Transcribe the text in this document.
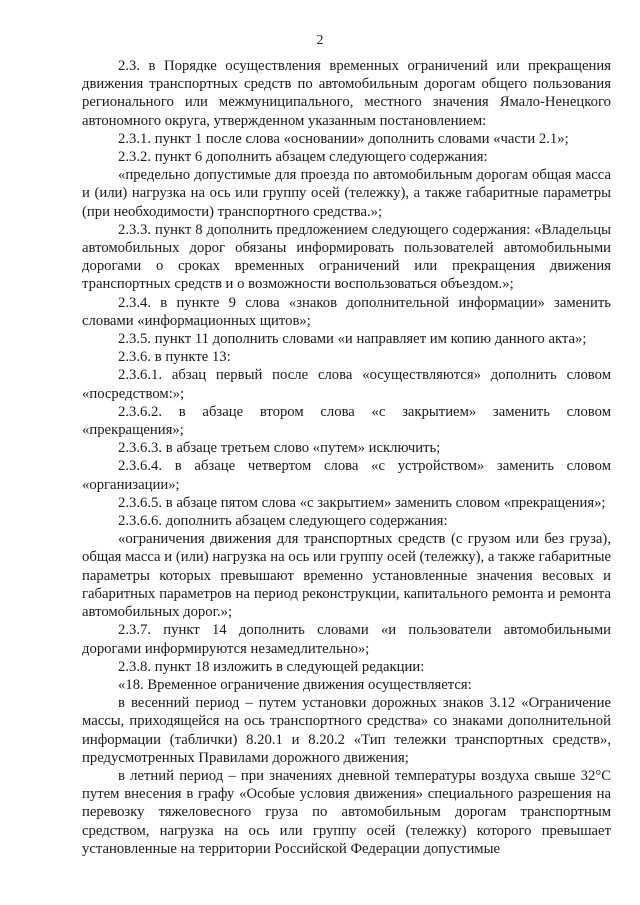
2

2.3. в Порядке осуществления временных ограничений или прекращения движения транспортных средств по автомобильным дорогам общего пользования регионального или межмуниципального, местного значения Ямало-Ненецкого автономного округа, утвержденном указанным постановлением:

2.3.1. пункт 1 после слова «основании» дополнить словами «части 2.1»;

2.3.2. пункт 6 дополнить абзацем следующего содержания:

«предельно допустимые для проезда по автомобильным дорогам общая масса и (или) нагрузка на ось или группу осей (тележку), а также габаритные параметры (при необходимости) транспортного средства.»;

2.3.3. пункт 8 дополнить предложением следующего содержания: «Владельцы автомобильных дорог обязаны информировать пользователей автомобильными дорогами о сроках временных ограничений или прекращения движения транспортных средств и о возможности воспользоваться объездом.»;

2.3.4. в пункте 9 слова «знаков дополнительной информации» заменить словами «информационных щитов»;

2.3.5. пункт 11 дополнить словами «и направляет им копию данного акта»;

2.3.6. в пункте 13:

2.3.6.1. абзац первый после слова «осуществляются» дополнить словом «посредством:»;

2.3.6.2. в абзаце втором слова «с закрытием» заменить словом «прекращения»;

2.3.6.3. в абзаце третьем слово «путем» исключить;

2.3.6.4. в абзаце четвертом слова «с устройством» заменить словом «организации»;

2.3.6.5. в абзаце пятом слова «с закрытием» заменить словом «прекращения»;

2.3.6.6. дополнить абзацем следующего содержания:

«ограничения движения для транспортных средств (с грузом или без груза), общая масса и (или) нагрузка на ось или группу осей (тележку), а также габаритные параметры которых превышают временно установленные значения весовых и габаритных параметров на период реконструкции, капитального ремонта и ремонта автомобильных дорог.»;

2.3.7. пункт 14 дополнить словами «и пользователи автомобильными дорогами информируются незамедлительно»;

2.3.8. пункт 18 изложить в следующей редакции:

«18. Временное ограничение движения осуществляется:

в весенний период – путем установки дорожных знаков 3.12 «Ограничение массы, приходящейся на ось транспортного средства» со знаками дополнительной информации (таблички) 8.20.1 и 8.20.2 «Тип тележки транспортных средств», предусмотренных Правилами дорожного движения;

в летний период – при значениях дневной температуры воздуха свыше 32°С путем внесения в графу «Особые условия движения» специального разрешения на перевозку тяжеловесного груза по автомобильным дорогам транспортным средством, нагрузка на ось или группу осей (тележку) которого превышает установленные на территории Российской Федерации допустимые
